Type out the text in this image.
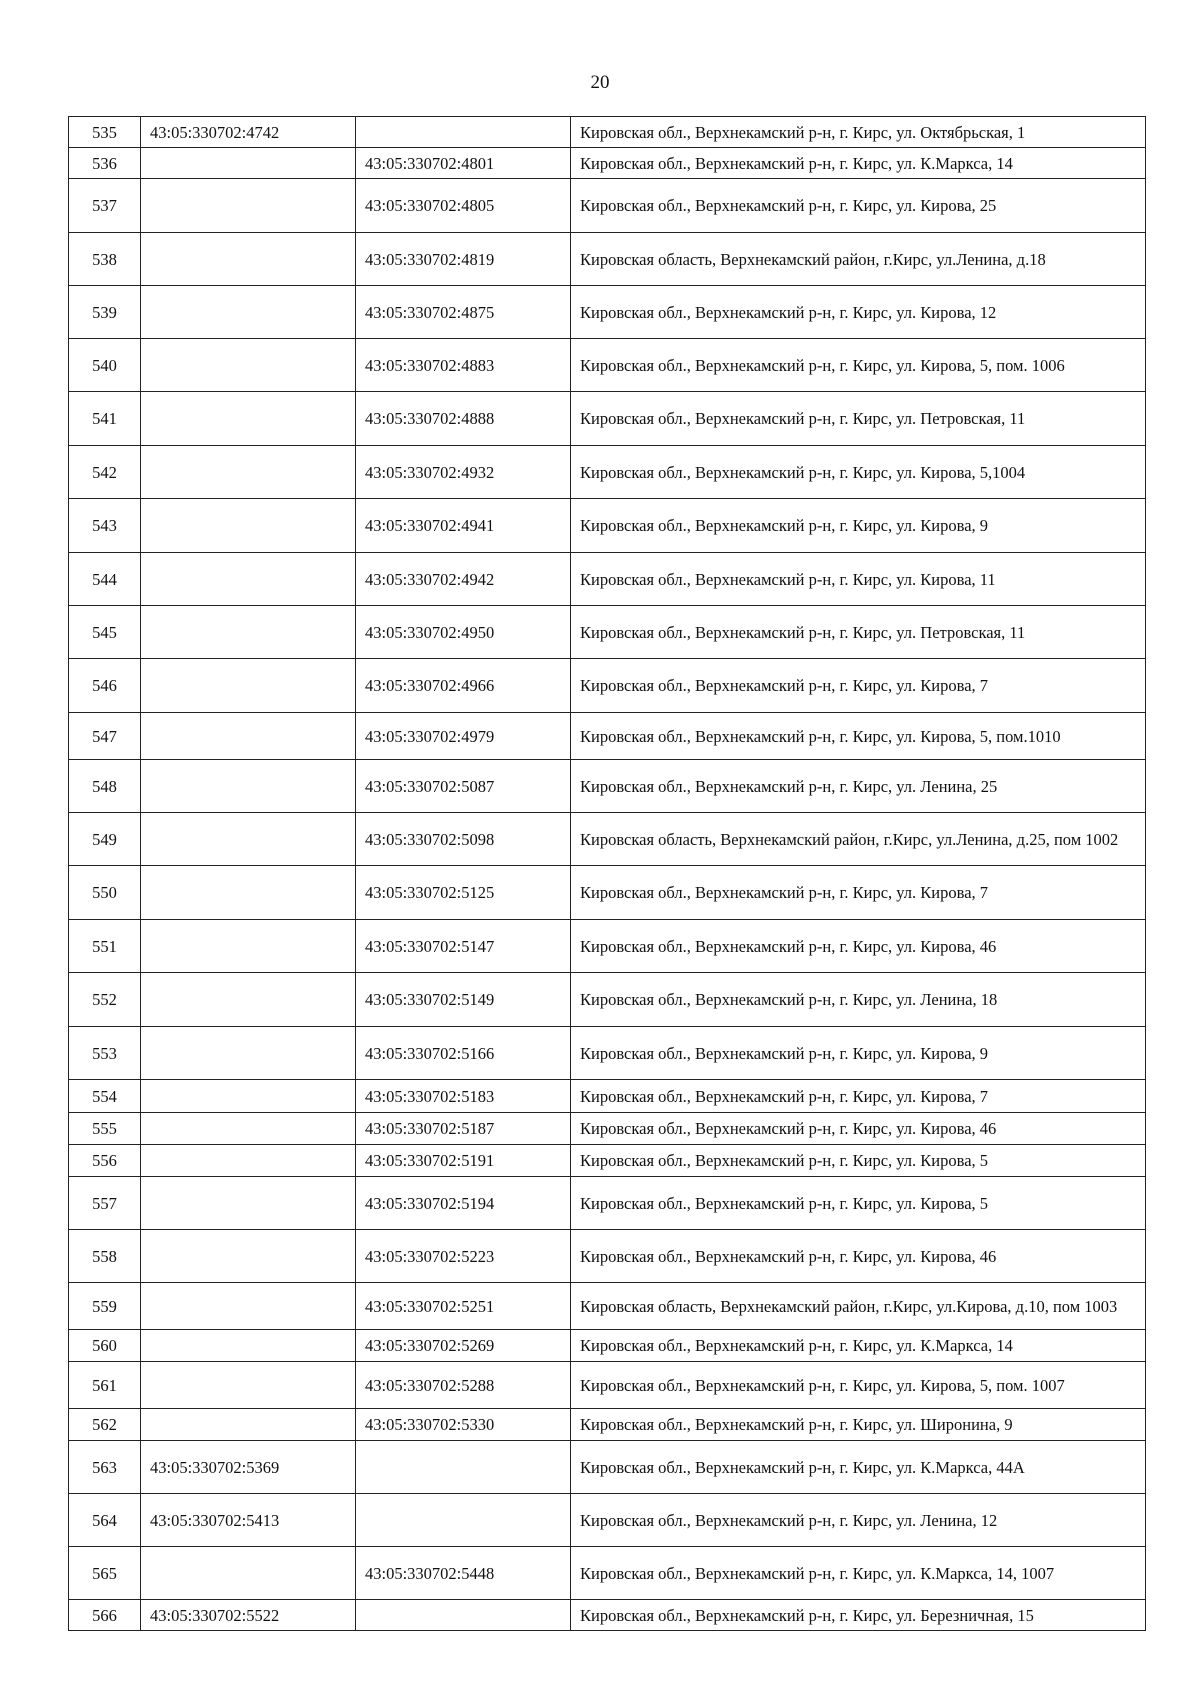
20
535	43:05:330702:4742		Кировская обл., Верхнекамский р-н, г. Кирс, ул. Октябрьская, 1
536		43:05:330702:4801	Кировская обл., Верхнекамский р-н, г. Кирс, ул. К.Маркса, 14
537		43:05:330702:4805	Кировская обл., Верхнекамский р-н, г. Кирс, ул. Кирова, 25
538		43:05:330702:4819	Кировская область, Верхнекамский район, г.Кирс, ул.Ленина, д.18
539		43:05:330702:4875	Кировская обл., Верхнекамский р-н, г. Кирс, ул. Кирова, 12
540		43:05:330702:4883	Кировская обл., Верхнекамский р-н, г. Кирс, ул. Кирова, 5, пом. 1006
541		43:05:330702:4888	Кировская обл., Верхнекамский р-н, г. Кирс, ул. Петровская, 11
542		43:05:330702:4932	Кировская обл., Верхнекамский р-н, г. Кирс, ул. Кирова, 5,1004
543		43:05:330702:4941	Кировская обл., Верхнекамский р-н, г. Кирс, ул. Кирова, 9
544		43:05:330702:4942	Кировская обл., Верхнекамский р-н, г. Кирс, ул. Кирова, 11
545		43:05:330702:4950	Кировская обл., Верхнекамский р-н, г. Кирс, ул. Петровская, 11
546		43:05:330702:4966	Кировская обл., Верхнекамский р-н, г. Кирс, ул. Кирова, 7
547		43:05:330702:4979	Кировская обл., Верхнекамский р-н, г. Кирс, ул. Кирова, 5, пом.1010
548		43:05:330702:5087	Кировская обл., Верхнекамский р-н, г. Кирс, ул. Ленина, 25
549		43:05:330702:5098	Кировская область, Верхнекамский район, г.Кирс, ул.Ленина, д.25, пом 1002
550		43:05:330702:5125	Кировская обл., Верхнекамский р-н, г. Кирс, ул. Кирова, 7
551		43:05:330702:5147	Кировская обл., Верхнекамский р-н, г. Кирс, ул. Кирова, 46
552		43:05:330702:5149	Кировская обл., Верхнекамский р-н, г. Кирс, ул. Ленина, 18
553		43:05:330702:5166	Кировская обл., Верхнекамский р-н, г. Кирс, ул. Кирова, 9
554		43:05:330702:5183	Кировская обл., Верхнекамский р-н, г. Кирс, ул. Кирова, 7
555		43:05:330702:5187	Кировская обл., Верхнекамский р-н, г. Кирс, ул. Кирова, 46
556		43:05:330702:5191	Кировская обл., Верхнекамский р-н, г. Кирс, ул. Кирова, 5
557		43:05:330702:5194	Кировская обл., Верхнекамский р-н, г. Кирс, ул. Кирова, 5
558		43:05:330702:5223	Кировская обл., Верхнекамский р-н, г. Кирс, ул. Кирова, 46
559		43:05:330702:5251	Кировская область, Верхнекамский район, г.Кирс, ул.Кирова, д.10, пом 1003
560		43:05:330702:5269	Кировская обл., Верхнекамский р-н, г. Кирс, ул. К.Маркса, 14
561		43:05:330702:5288	Кировская обл., Верхнекамский р-н, г. Кирс, ул. Кирова, 5, пом. 1007
562		43:05:330702:5330	Кировская обл., Верхнекамский р-н, г. Кирс, ул. Широнина, 9
563	43:05:330702:5369		Кировская обл., Верхнекамский р-н, г. Кирс, ул. К.Маркса, 44А
564	43:05:330702:5413		Кировская обл., Верхнекамский р-н, г. Кирс, ул. Ленина, 12
565		43:05:330702:5448	Кировская обл., Верхнекамский р-н, г. Кирс, ул. К.Маркса, 14, 1007
566	43:05:330702:5522		Кировская обл., Верхнекамский р-н, г. Кирс, ул. Березничная, 15
